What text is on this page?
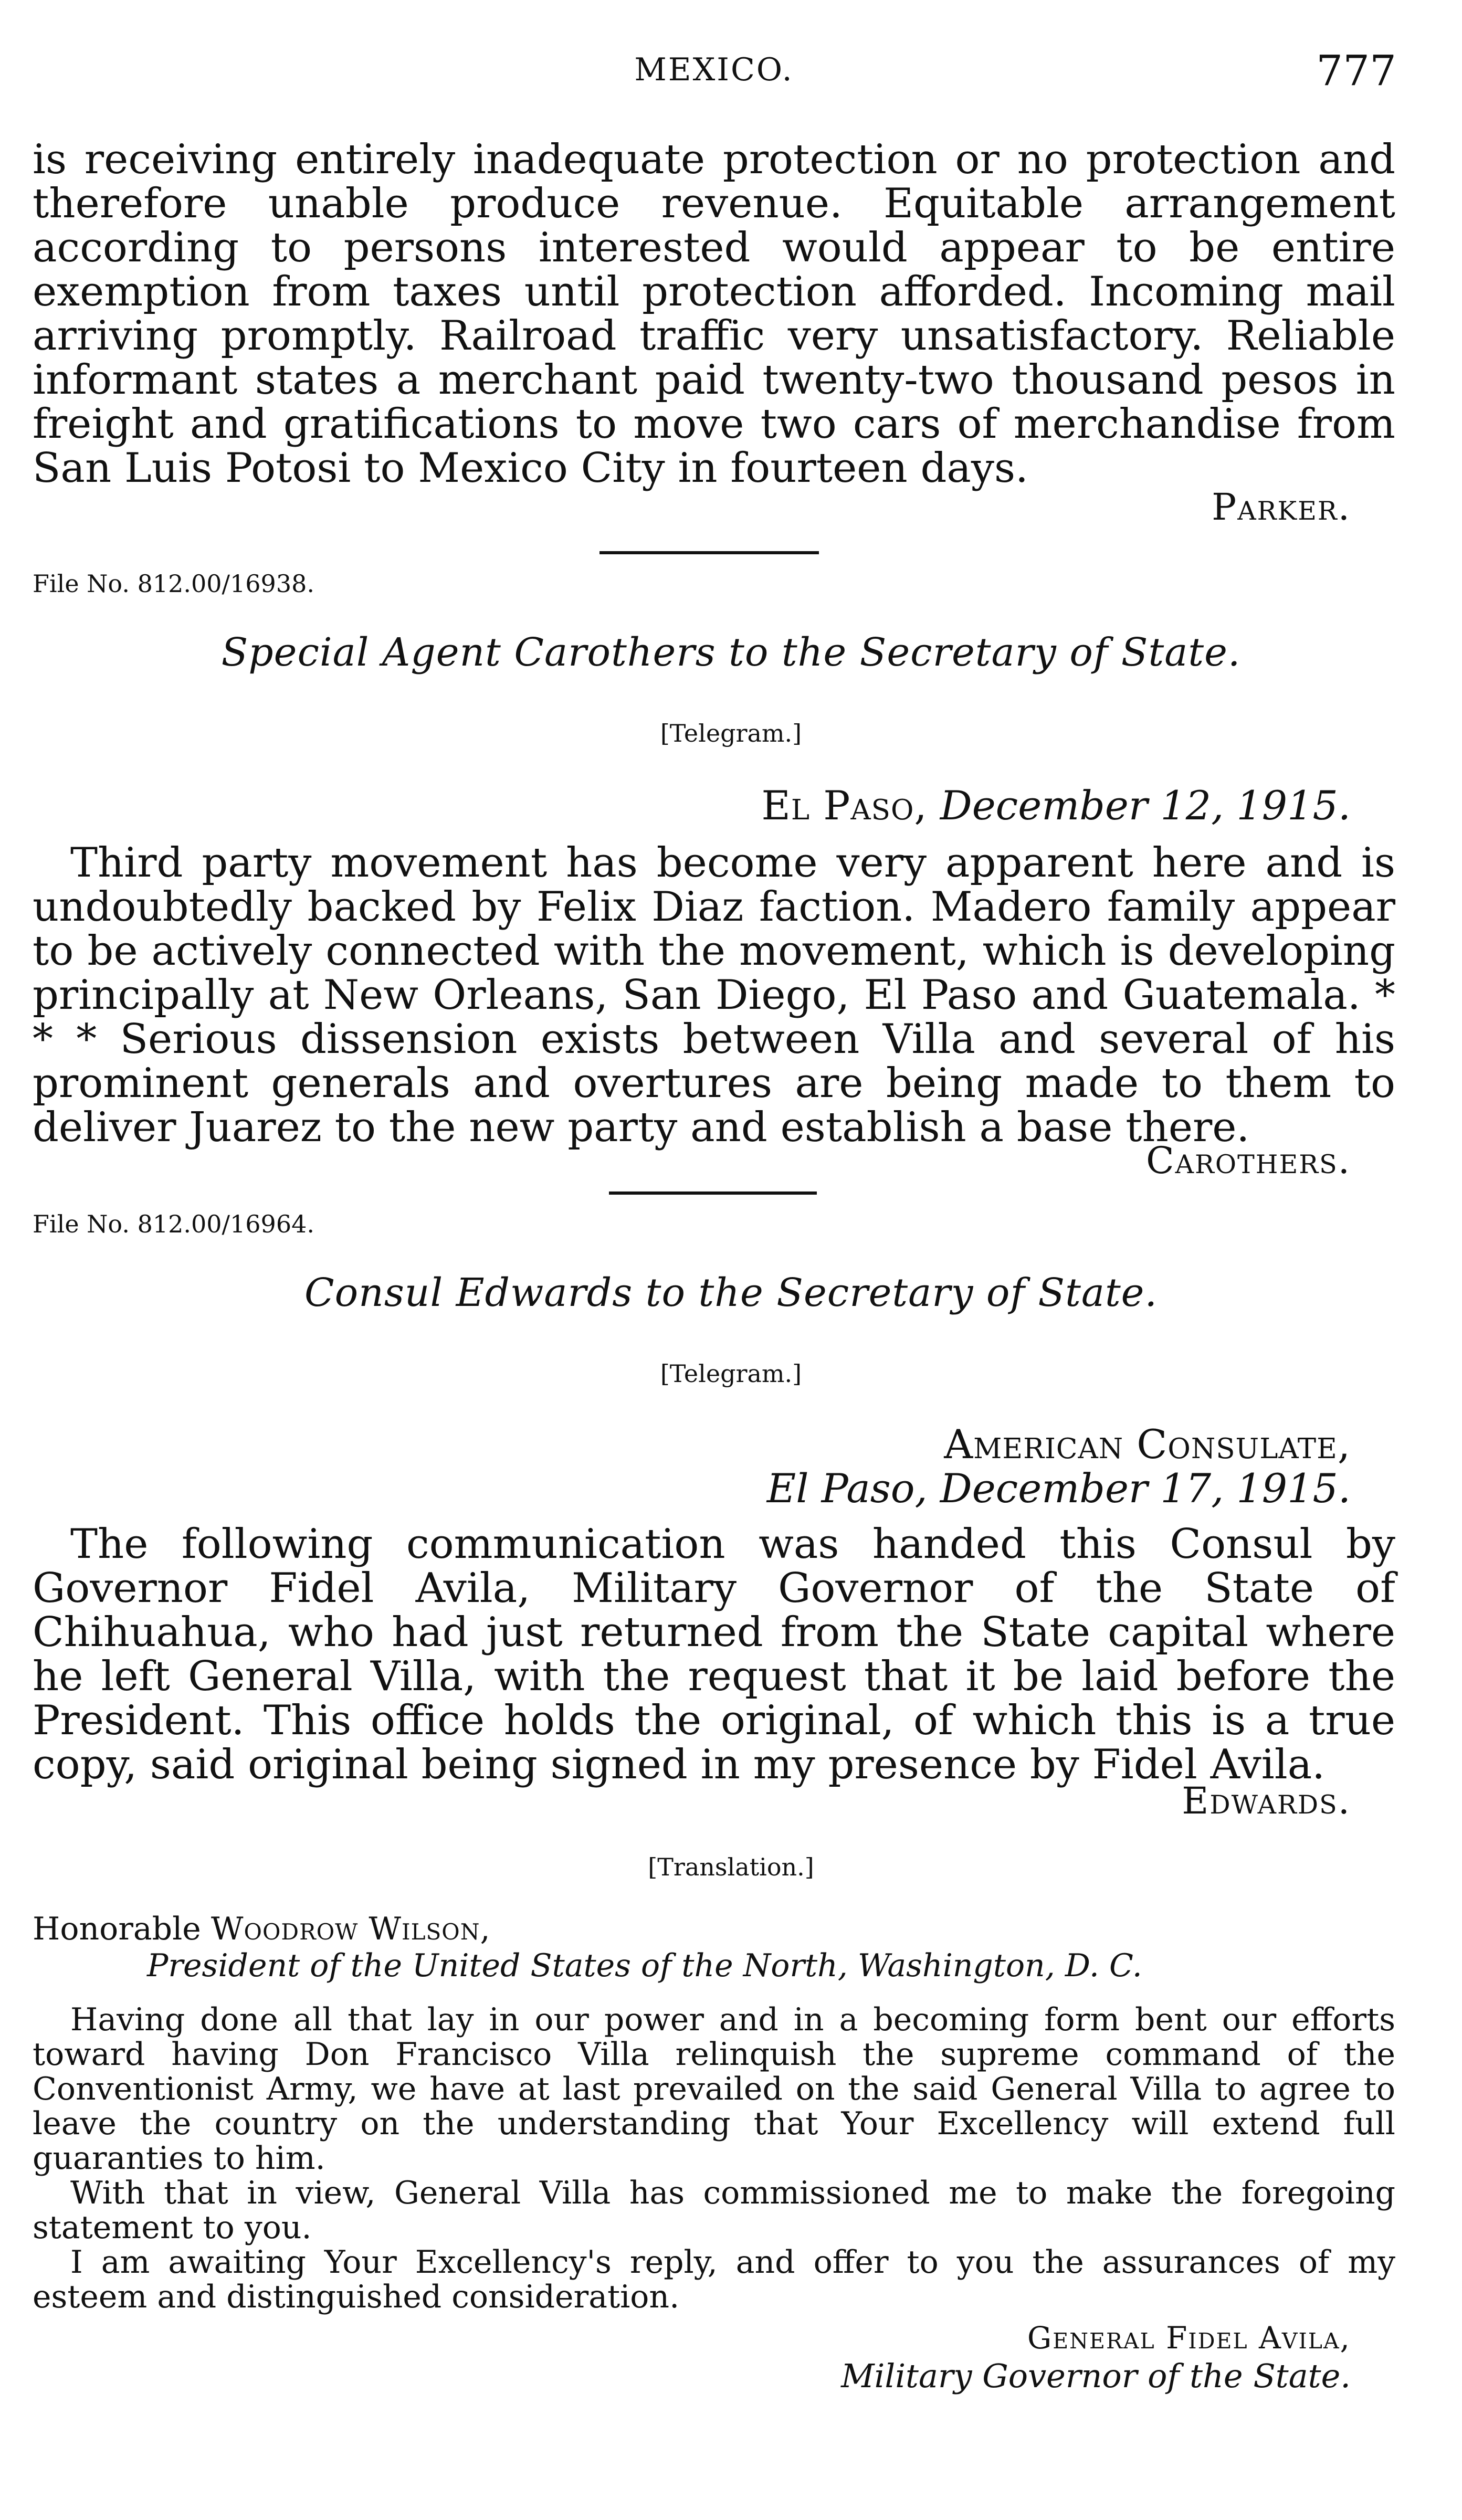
MEXICO.	777

is receiving entirely inadequate protection or no protection and therefore unable produce revenue. Equitable arrangement according to persons interested would appear to be entire exemption from taxes until protection afforded. Incoming mail arriving promptly. Railroad traffic very unsatisfactory. Reliable informant states a merchant paid twenty-two thousand pesos in freight and gratifications to move two cars of merchandise from San Luis Potosi to Mexico City in fourteen days.

Parker.
File No. 812.00/16938.
Special Agent Carothers to the Secretary of State.
[Telegram.]
El Paso, December 12, 1915.

Third party movement has become very apparent here and is undoubtedly backed by Felix Diaz faction. Madero family appear to be actively connected with the movement, which is developing principally at New Orleans, San Diego, El Paso and Guatemala. * * * Serious dissension exists between Villa and several of his prominent generals and overtures are being made to them to deliver Juarez to the new party and establish a base there.

Carothers.
File No. 812.00/16964.
Consul Edwards to the Secretary of State.
[Telegram.]
American Consulate,
El Paso, December 17, 1915.

The following communication was handed this Consul by Governor Fidel Avila, Military Governor of the State of Chihuahua, who had just returned from the State capital where he left General Villa, with the request that it be laid before the President. This office holds the original, of which this is a true copy, said original being signed in my presence by Fidel Avila.

Edwards.
[Translation.]
Honorable Woodrow Wilson,
President of the United States of the North, Washington, D. C.

Having done all that lay in our power and in a becoming form bent our efforts toward having Don Francisco Villa relinquish the supreme command of the Conventionist Army, we have at last prevailed on the said General Villa to agree to leave the country on the understanding that Your Excellency will extend full guaranties to him.

With that in view, General Villa has commissioned me to make the foregoing statement to you.

I am awaiting Your Excellency's reply, and offer to you the assurances of my esteem and distinguished consideration.

General Fidel Avila,
Military Governor of the State.
